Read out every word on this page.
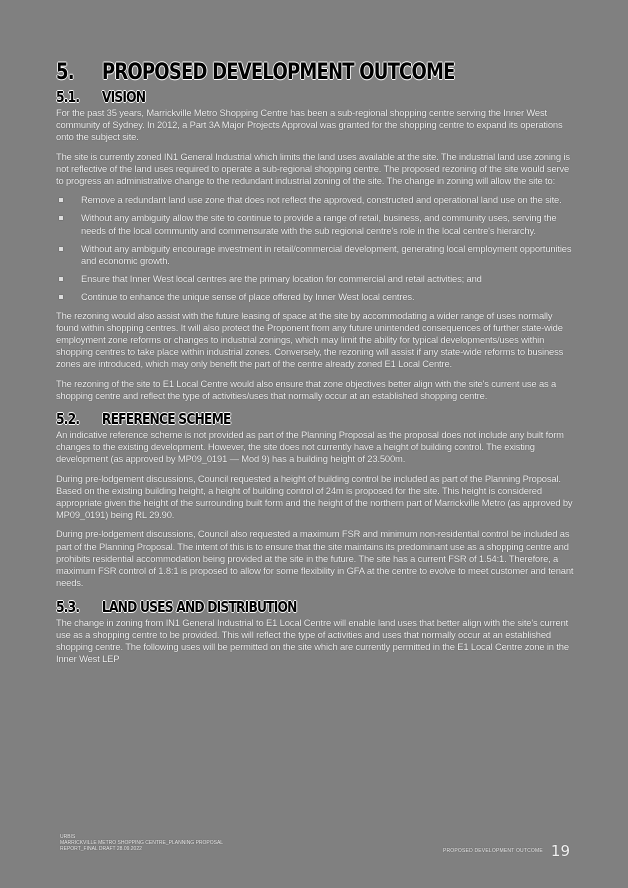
5. PROPOSED DEVELOPMENT OUTCOME
5.1. VISION

For the past 35 years, Marrickville Metro Shopping Centre has been a sub-regional shopping centre serving the Inner West community of Sydney. In 2012, a Part 3A Major Projects Approval was granted for the shopping centre to expand its operations onto the subject site.

The site is currently zoned IN1 General Industrial which limits the land uses available at the site. The industrial land use zoning is not reflective of the land uses required to operate a sub-regional shopping centre. The proposed rezoning of the site would serve to progress an administrative change to the redundant industrial zoning of the site. The change in zoning will allow the site to:

Remove a redundant land use zone that does not reflect the approved, constructed and operational land use on the site.
Without any ambiguity allow the site to continue to provide a range of retail, business, and community uses, serving the needs of the local community and commensurate with the sub regional centre's role in the local centre's hierarchy.
Without any ambiguity encourage investment in retail/commercial development, generating local employment opportunities and economic growth.
Ensure that Inner West local centres are the primary location for commercial and retail activities; and
Continue to enhance the unique sense of place offered by Inner West local centres.

The rezoning would also assist with the future leasing of space at the site by accommodating a wider range of uses normally found within shopping centres. It will also protect the Proponent from any future unintended consequences of further state-wide employment zone reforms or changes to industrial zonings, which may limit the ability for typical developments/uses within shopping centres to take place within industrial zones. Conversely, the rezoning will assist if any state-wide reforms to business zones are introduced, which may only benefit the part of the centre already zoned E1 Local Centre.

The rezoning of the site to E1 Local Centre would also ensure that zone objectives better align with the site's current use as a shopping centre and reflect the type of activities/uses that normally occur at an established shopping centre.

5.2. REFERENCE SCHEME

An indicative reference scheme is not provided as part of the Planning Proposal as the proposal does not include any built form changes to the existing development. However, the site does not currently have a height of building control. The existing development (as approved by MP09_0191 — Mod 9) has a building height of 23.500m.

During pre-lodgement discussions, Council requested a height of building control be included as part of the Planning Proposal. Based on the existing building height, a height of building control of 24m is proposed for the site. This height is considered appropriate given the height of the surrounding built form and the height of the northern part of Marrickville Metro (as approved by MP09_0191) being RL 29.90.

During pre-lodgement discussions, Council also requested a maximum FSR and minimum non-residential control be included as part of the Planning Proposal. The intent of this is to ensure that the site maintains its predominant use as a shopping centre and prohibits residential accommodation being provided at the site in the future. The site has a current FSR of 1.54:1. Therefore, a maximum FSR control of 1.8:1 is proposed to allow for some flexibility in GFA at the centre to evolve to meet customer and tenant needs.

5.3. LAND USES AND DISTRIBUTION

The change in zoning from IN1 General Industrial to E1 Local Centre will enable land uses that better align with the site's current use as a shopping centre to be provided. This will reflect the type of activities and uses that normally occur at an established shopping centre. The following uses will be permitted on the site which are currently permitted in the E1 Local Centre zone in the Inner West LEP

URBIS
MARRICKVILLE METRO SHOPPING CENTRE_PLANNING PROPOSAL
REPORT_FINAL DRAFT 28.09.2022	PROPOSED DEVELOPMENT OUTCOME 19
